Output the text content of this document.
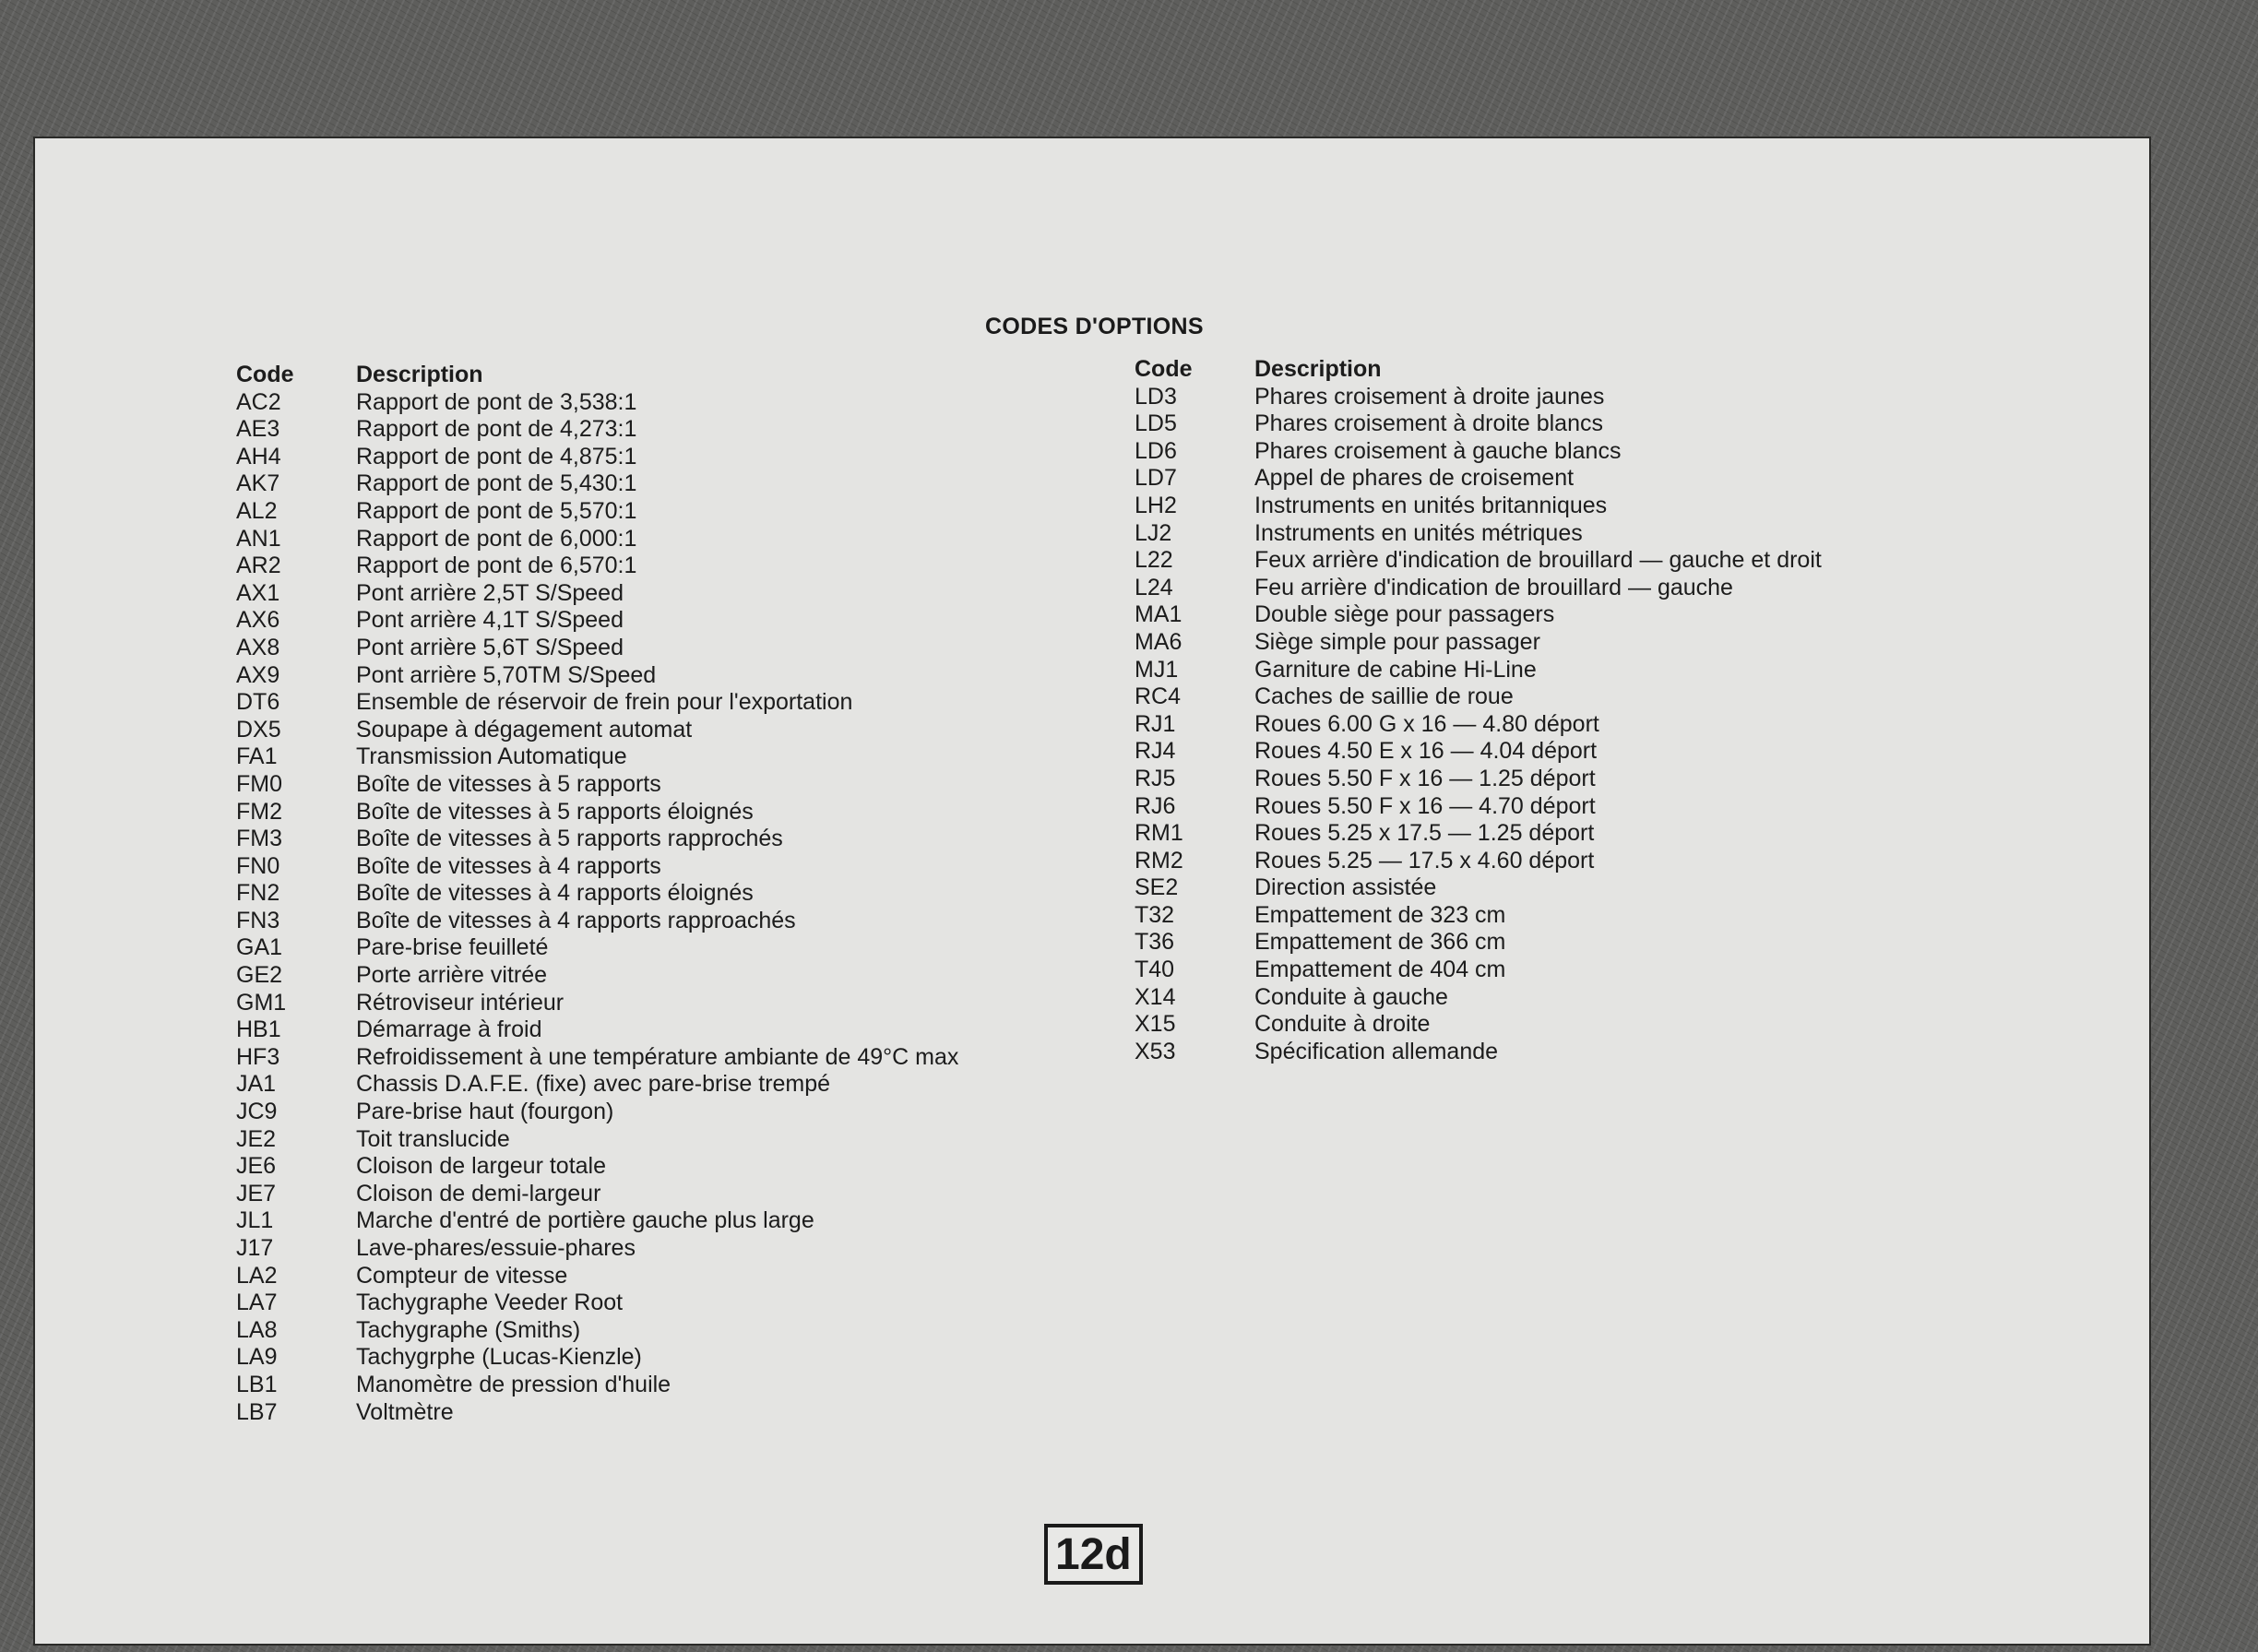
CODES D'OPTIONS
Code	Description
AC2	Rapport de pont de 3,538:1
AE3	Rapport de pont de 4,273:1
AH4	Rapport de pont de 4,875:1
AK7	Rapport de pont de 5,430:1
AL2	Rapport de pont de 5,570:1
AN1	Rapport de pont de 6,000:1
AR2	Rapport de pont de 6,570:1
AX1	Pont arrière 2,5T S/Speed
AX6	Pont arrière 4,1T S/Speed
AX8	Pont arrière 5,6T S/Speed
AX9	Pont arrière 5,70TM S/Speed
DT6	Ensemble de réservoir de frein pour l'exportation
DX5	Soupape à dégagement automat
FA1	Transmission Automatique
FM0	Boîte de vitesses à 5 rapports
FM2	Boîte de vitesses à 5 rapports éloignés
FM3	Boîte de vitesses à 5 rapports rapprochés
FN0	Boîte de vitesses à 4 rapports
FN2	Boîte de vitesses à 4 rapports éloignés
FN3	Boîte de vitesses à 4 rapports rapproachés
GA1	Pare-brise feuilleté
GE2	Porte arrière vitrée
GM1	Rétroviseur intérieur
HB1	Démarrage à froid
HF3	Refroidissement à une température ambiante de 49°C max
JA1	Chassis D.A.F.E. (fixe) avec pare-brise trempé
JC9	Pare-brise haut (fourgon)
JE2	Toit translucide
JE6	Cloison de largeur totale
JE7	Cloison de demi-largeur
JL1	Marche d'entré de portière gauche plus large
J17	Lave-phares/essuie-phares
LA2	Compteur de vitesse
LA7	Tachygraphe Veeder Root
LA8	Tachygraphe (Smiths)
LA9	Tachygrphe (Lucas-Kienzle)
LB1	Manomètre de pression d'huile
LB7	Voltmètre
Code	Description
LD3	Phares croisement à droite jaunes
LD5	Phares croisement à droite blancs
LD6	Phares croisement à gauche blancs
LD7	Appel de phares de croisement
LH2	Instruments en unités britanniques
LJ2	Instruments en unités métriques
L22	Feux arrière d'indication de brouillard — gauche et droit
L24	Feu arrière d'indication de brouillard — gauche
MA1	Double siège pour passagers
MA6	Siège simple pour passager
MJ1	Garniture de cabine Hi-Line
RC4	Caches de saillie de roue
RJ1	Roues 6.00 G x 16 — 4.80 déport
RJ4	Roues 4.50 E x 16 — 4.04 déport
RJ5	Roues 5.50 F x 16 — 1.25 déport
RJ6	Roues 5.50 F x 16 — 4.70 déport
RM1	Roues 5.25 x 17.5 — 1.25 déport
RM2	Roues 5.25 — 17.5 x 4.60 déport
SE2	Direction assistée
T32	Empattement de 323 cm
T36	Empattement de 366 cm
T40	Empattement de 404 cm
X14	Conduite à gauche
X15	Conduite à droite
X53	Spécification allemande
12d
